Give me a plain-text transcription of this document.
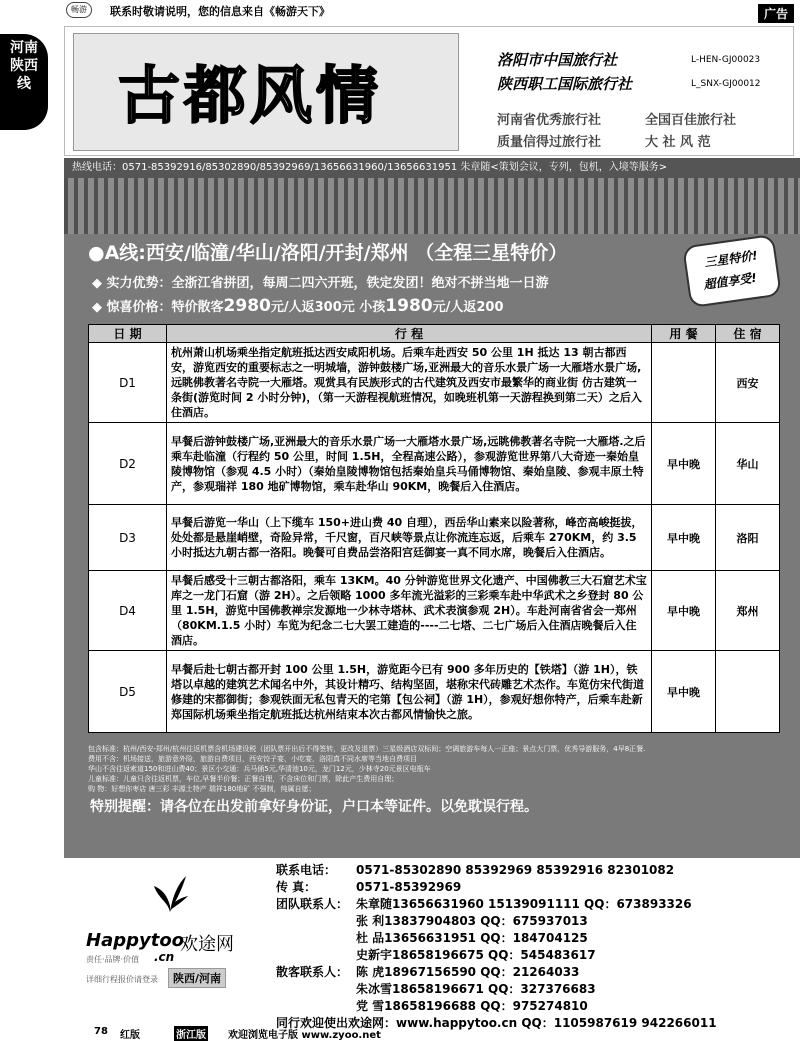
畅游	联系时敬请说明，您的信息来自《畅游天下》	广告
河南
陕西
线 古都风情	洛阳市中国旅行社	L-HEN-GJ00023
陕西职工国际旅行社	L_SNX-GJ00012
河南省优秀旅行社	全国百佳旅行社
质量信得过旅行社	大 社 风 范
热线电话：0571-85392916/85302890/85392969/13656631960/13656631951 朱章随<策划会议，专列，包机，入境等服务>
●A线:西安/临潼/华山/洛阳/开封/郑州 （全程三星特价）	三星特价!
超值享受!
◆ 实力优势：全浙江省拼团，每周二四六开班，铁定发团！绝对不拼当地一日游
◆ 惊喜价格：特价散客2980元/人返300元 小孩1980元/人返200
日 期	行 程	用 餐	住 宿
D1	杭州萧山机场乘坐指定航班抵达西安咸阳机场。后乘车赴西安 50 公里 1H 抵达 13 朝古都西安，游览西安的重要标志之一明城墙，游钟鼓楼广场,亚洲最大的音乐水景广场一大雁塔水景广场,远眺佛教著名寺院一大雁塔。观赏具有民族形式的古代建筑及西安市最繁华的商业街 仿古建筑一条街(游览时间 2 小时分钟)，（第一天游程视航班情况，如晚班机第一天游程换到第二天）之后入住酒店。		西安
D2	早餐后游钟鼓楼广场,亚洲最大的音乐水景广场一大雁塔水景广场,远眺佛教著名寺院一大雁塔.之后乘车赴临潼（行程约 50 公里，时间 1.5H，全程高速公路），参观游览世界第八大奇迹一秦始皇陵博物馆（参观 4.5 小时）（秦始皇陵博物馆包括秦始皇兵马俑博物馆、秦始皇陵、参观丰原土特产，参观瑞祥 180 地矿博物馆，乘车赴华山 90KM，晚餐后入住酒店。	早中晚	华山
D3	早餐后游览一华山（上下缆车 150+进山费 40 自理），西岳华山素来以险著称，峰峦高峻挺拔，处处都是悬崖峭壁，奇险异常，千尺窗，百尺峡等景点让你流连忘返，后乘车 270KM，约 3.5 小时抵达九朝古都一洛阳。晚餐可自费品尝洛阳宫廷御宴一真不同水席，晚餐后入住酒店。	早中晚	洛阳
D4	早餐后感受十三朝古都洛阳，乘车 13KM。40 分钟游览世界文化遗产、中国佛教三大石窟艺术宝库之一龙门石窟（游 2H）。之后领略 1000 多年流光溢彩的三彩乘车赴中华武术之乡登封 80 公里 1.5H，游览中国佛教禅宗发源地一少林寺塔林、武术表演参观 2H）。车赴河南省省会一郑州（80KM.1.5 小时）车览为纪念二七大罢工建造的----二七塔、二七广场后入住酒店晚餐后入住酒店。	早中晚	郑州
D5	早餐后赴七朝古都开封 100 公里 1.5H，游览距今已有 900 多年历史的【铁塔】（游 1H），铁塔以卓越的建筑艺术闻名中外，其设计精巧、结构坚固，堪称宋代砖雕艺术杰作。车览仿宋代街道修建的宋都御街；参观铁面无私包青天的宅第【包公祠】（游 1H），参观好想你特产，后乘车赴新郑国际机场乘坐指定航班抵达杭州结束本次古都风情愉快之旅。	早中晚	
包含标准：杭州/西安-郑州/杭州往返机票含机场建设税（团队票开出后不得签转，更改及退票）三星级酒店双标间；空调旅游车每人一正座；景点大门票，优秀导游服务，4早8正餐.
费用不含：机场接送，旅游意外险，旅游自费项目，西安饺子宴，小吃宴，洛阳真不同水席等当地自费项目
华山不含往返索道150和进山费40；景区小交通：兵马俑5元,华清池10元，龙门12元，少林寺20元景区电瓶车
儿童标准：儿童只含往返机票，车位,早餐半价餐；正餐自理，不含床位和门票，除此产生费用自理；
购 物：好想你枣店 唐三彩 丰源土特产 瑞祥180地矿 不强制，纯属自愿；
特别提醒：请各位在出发前拿好身份证，户口本等证件。以免耽误行程。
Happytoo
欢途网
责任·品牌·价值 .cn
详细行程报价请登录	陕西/河南
联系电话：	0571-85302890 85392969 85392916 82301082
传 真：	0571-85392969
团队联系人： 朱章随13656631960 15139091111 QQ：673893326
张 利13837904803 QQ：675937013
杜 品13656631951 QQ：184704125
史新宇18658196675 QQ：545483617
散客联系人： 陈 虎18967156590 QQ：21264033
朱冰雪18658196671 QQ：327376683
党 雪18658196688 QQ：975274810
同行欢迎使出欢途网：www.happytoo.cn QQ：1105987619 942266011
78 红版	浙江版 欢迎浏览电子版 www.zyoo.net
